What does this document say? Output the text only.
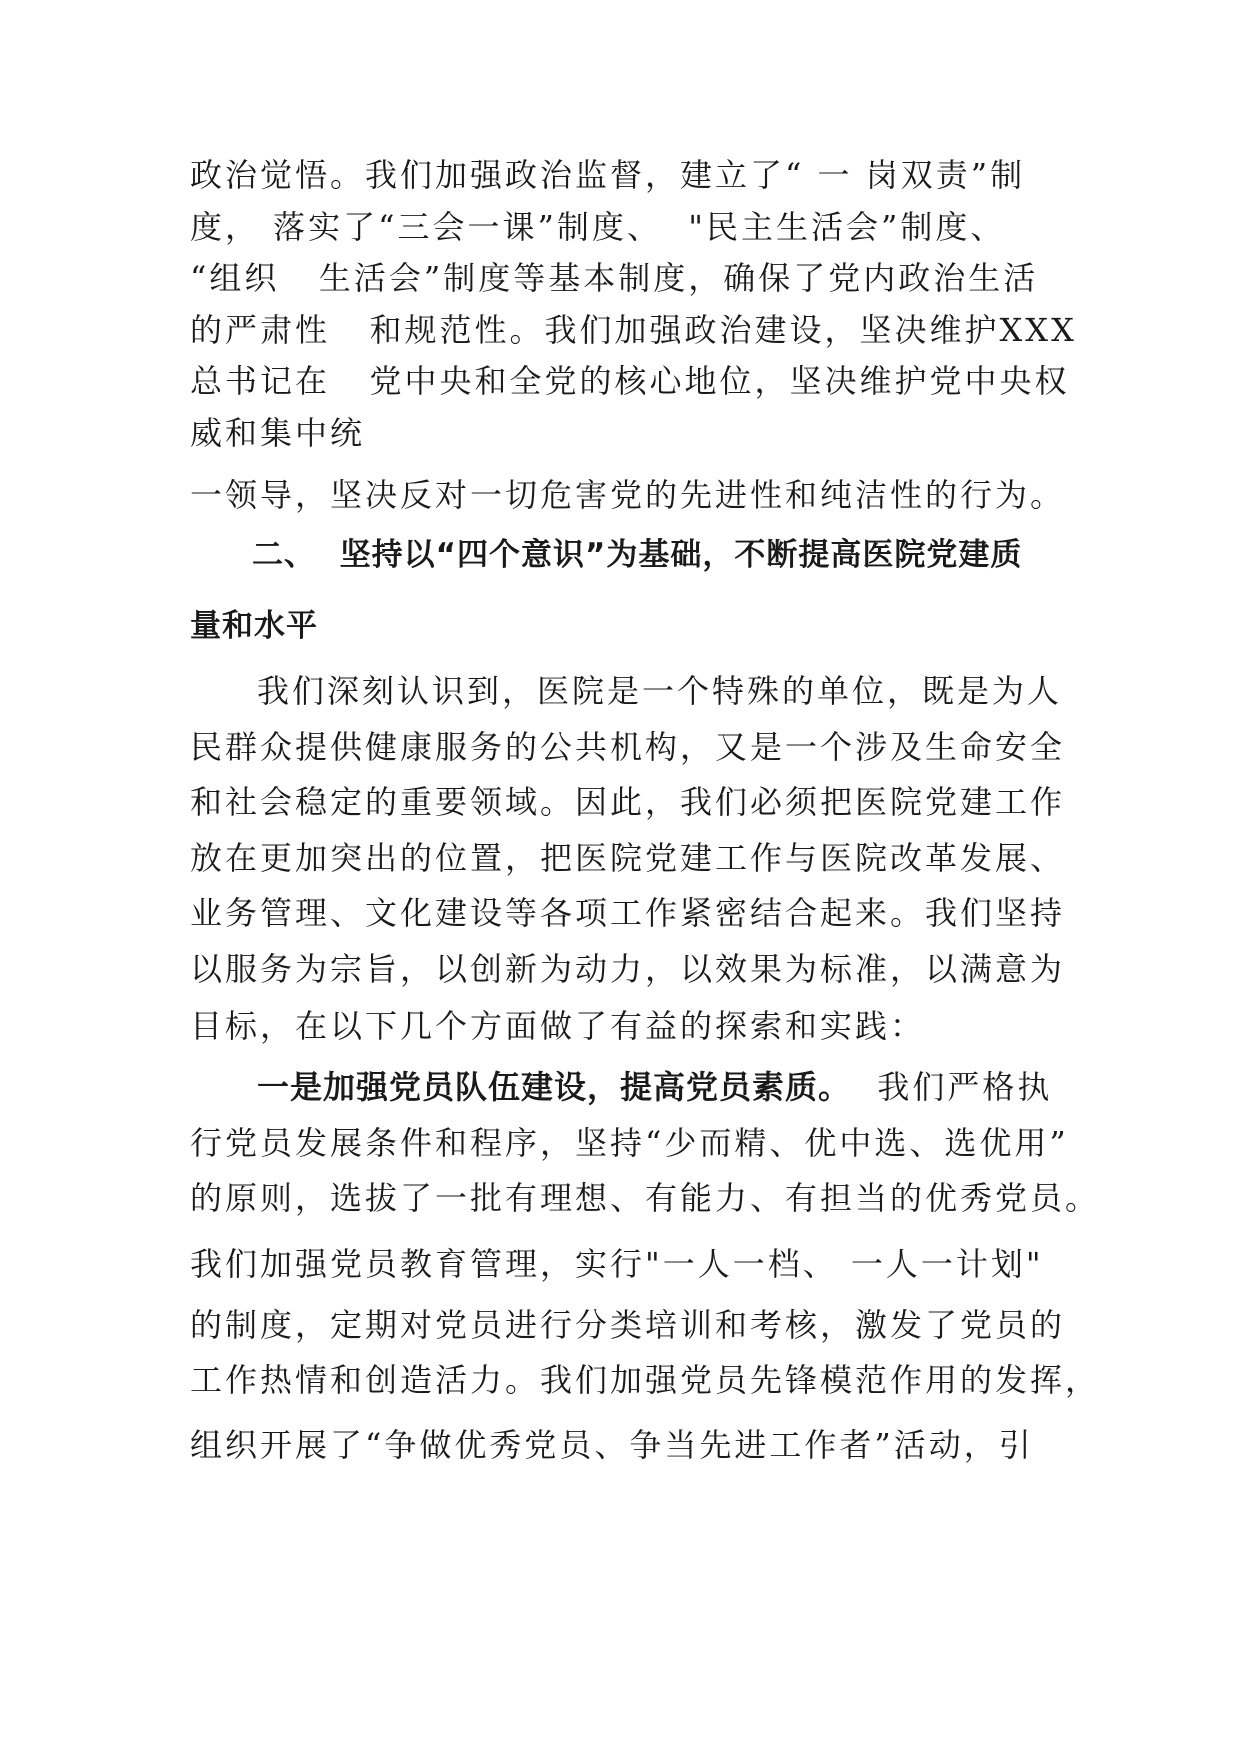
政治觉悟。我们加强政治监督，建立了“ 一 岗双责”制
度， 落实了“三会一课”制度、  "民主生活会”制度、
“组织   生活会”制度等基本制度，确保了党内政治生活
的严肃性   和规范性。我们加强政治建设，坚决维护XXX
总书记在   党中央和全党的核心地位，坚决维护党中央权
威和集中统
一领导，坚决反对一切危害党的先进性和纯洁性的行为。
二、  坚持以“四个意识”为基础，不断提高医院党建质
量和水平
我们深刻认识到，医院是一个特殊的单位，既是为人
民群众提供健康服务的公共机构，又是一个涉及生命安全
和社会稳定的重要领域。因此，我们必须把医院党建工作
放在更加突出的位置，把医院党建工作与医院改革发展、
业务管理、文化建设等各项工作紧密结合起来。我们坚持
以服务为宗旨，以创新为动力，以效果为标准，以满意为
目标，在以下几个方面做了有益的探索和实践：
一是加强党员队伍建设，提高党员素质。 我们严格执
行党员发展条件和程序，坚持“少而精、优中选、选优用”
的原则，选拔了一批有理想、有能力、有担当的优秀党员。
我们加强党员教育管理，实行"一人一档、 一人一计划"
的制度，定期对党员进行分类培训和考核，激发了党员的
工作热情和创造活力。我们加强党员先锋模范作用的发挥，
组织开展了“争做优秀党员、争当先进工作者”活动，引
